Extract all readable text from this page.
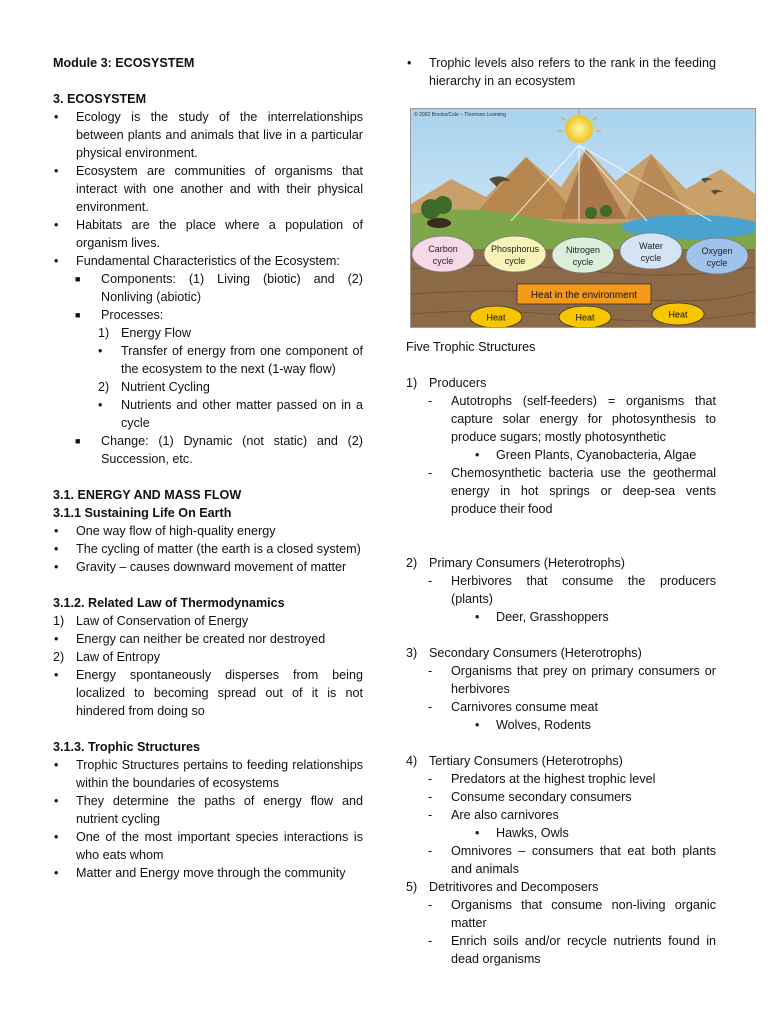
Module 3: ECOSYSTEM
3. ECOSYSTEM
• Ecology is the study of the interrelationships between plants and animals that live in a particular physical environment.
• Ecosystem are communities of organisms that interact with one another and with their physical environment.
• Habitats are the place where a population of organism lives.
• Fundamental Characteristics of the Ecosystem:
■ Components: (1) Living (biotic) and (2) Nonliving (abiotic)
■ Processes:
1) Energy Flow
• Transfer of energy from one component of the ecosystem to the next (1-way flow)
2) Nutrient Cycling
• Nutrients and other matter passed on in a cycle
■ Change: (1) Dynamic (not static) and (2) Succession, etc.
3.1. ENERGY AND MASS FLOW
3.1.1 Sustaining Life On Earth
• One way flow of high-quality energy
• The cycling of matter (the earth is a closed system)
• Gravity – causes downward movement of matter
3.1.2. Related Law of Thermodynamics
1) Law of Conservation of Energy
• Energy can neither be created nor destroyed
2) Law of Entropy
• Energy spontaneously disperses from being localized to becoming spread out of it is not hindered from doing so
3.1.3. Trophic Structures
• Trophic Structures pertains to feeding relationships within the boundaries of ecosystems
• They determine the paths of energy flow and nutrient cycling
• One of the most important species interactions is who eats whom
• Matter and Energy move through the community
• Trophic levels also refers to the rank in the feeding hierarchy in an ecosystem
Carbon
cycle
Phosphorus
cycle
Nitrogen
cycle
Water
cycle
Oxygen
cycle
Heat in the environment
Heat	Heat	Heat
© 2002 Brooks/Cole – Thomson Learning
Five Trophic Structures
1) Producers
- Autotrophs (self-feeders) = organisms that capture solar energy for photosynthesis to produce sugars; mostly photosynthetic
• Green Plants, Cyanobacteria, Algae
- Chemosynthetic bacteria use the geothermal energy in hot springs or deep-sea vents produce their food
2) Primary Consumers (Heterotrophs)
- Herbivores that consume the producers (plants)
• Deer, Grasshoppers
3) Secondary Consumers (Heterotrophs)
- Organisms that prey on primary consumers or herbivores
- Carnivores consume meat
• Wolves, Rodents
4) Tertiary Consumers (Heterotrophs)
- Predators at the highest trophic level
- Consume secondary consumers
- Are also carnivores
• Hawks, Owls
- Omnivores – consumers that eat both plants and animals
5) Detritivores and Decomposers
- Organisms that consume non-living organic matter
- Enrich soils and/or recycle nutrients found in dead organisms
